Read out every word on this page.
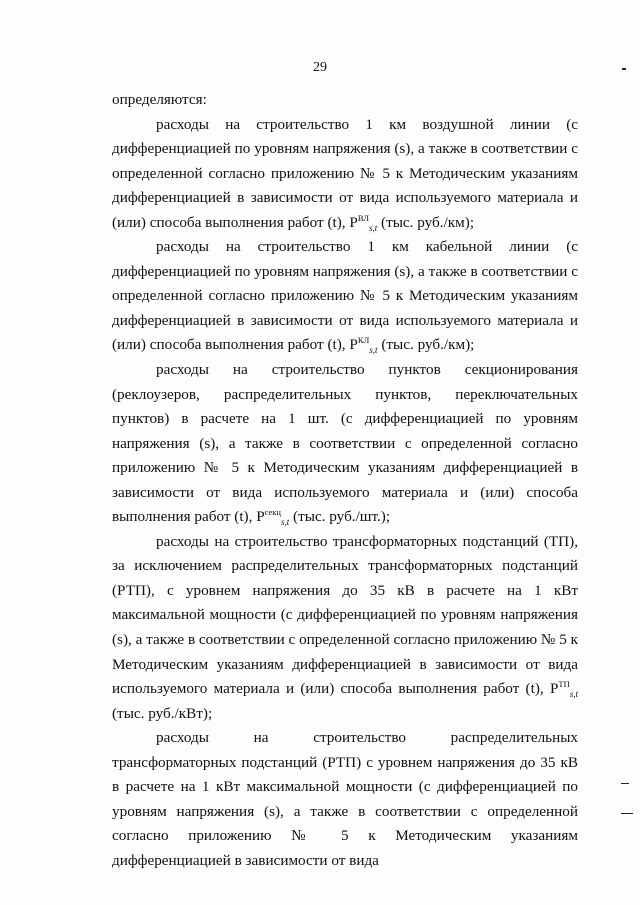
29

определяются:

расходы на строительство 1 км воздушной линии (с дифференциацией по уровням напряжения (s), а также в соответствии с определенной согласно приложению № 5 к Методическим указаниям дифференциацией в зависимости от вида используемого материала и (или) способа выполнения работ (t), $P^{ВЛ}_{s,t}$ (тыс. руб./км);

расходы на строительство 1 км кабельной линии (с дифференциацией по уровням напряжения (s), а также в соответствии с определенной согласно приложению № 5 к Методическим указаниям дифференциацией в зависимости от вида используемого материала и (или) способа выполнения работ (t), $P^{КЛ}_{s,t}$ (тыс. руб./км);

расходы на строительство пунктов секционирования (реклоузеров, распределительных пунктов, переключательных пунктов) в расчете на 1 шт. (с дифференциацией по уровням напряжения (s), а также в соответствии с определенной согласно приложению № 5 к Методическим указаниям дифференциацией в зависимости от вида используемого материала и (или) способа выполнения работ (t), $P^{секц}_{s,t}$ (тыс. руб./шт.);

расходы на строительство трансформаторных подстанций (ТП), за исключением распределительных трансформаторных подстанций (РТП), с уровнем напряжения до 35 кВ в расчете на 1 кВт максимальной мощности (с дифференциацией по уровням напряжения (s), а также в соответствии с определенной согласно приложению № 5 к Методическим указаниям дифференциацией в зависимости от вида используемого материала и (или) способа выполнения работ (t), $P^{ТП}_{s,t}$ (тыс. руб./кВт);

расходы на строительство распределительных трансформаторных подстанций (РТП) с уровнем напряжения до 35 кВ в расчете на 1 кВт максимальной мощности (с дифференциацией по уровням напряжения (s), а также в соответствии с определенной согласно приложению № 5 к Методическим указаниям дифференциацией в зависимости от вида
